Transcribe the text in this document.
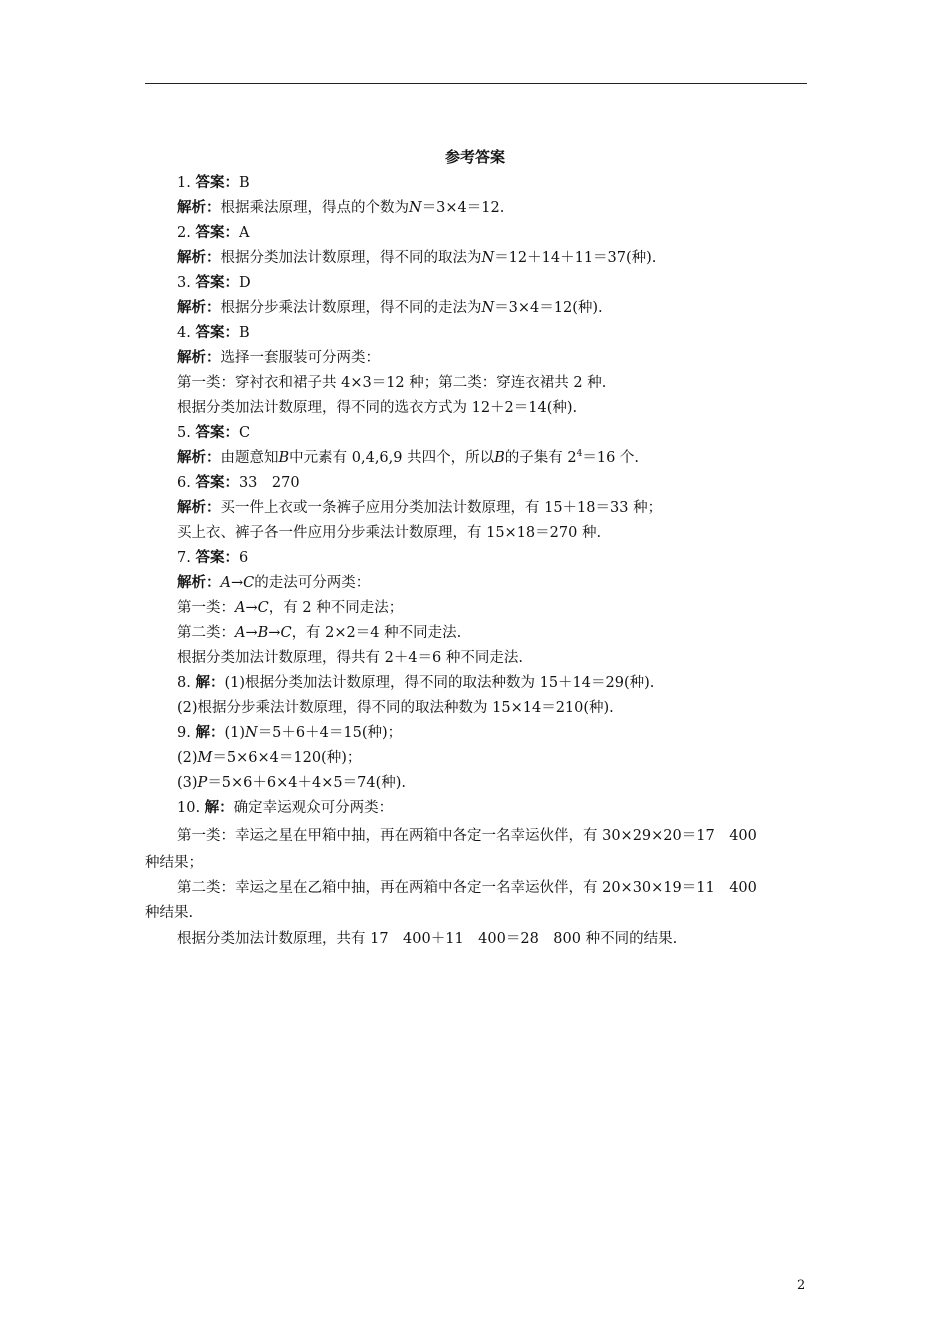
参考答案
1. 答案：B
解析：根据乘法原理，得点的个数为N＝3×4＝12.
2. 答案：A
解析：根据分类加法计数原理，得不同的取法为N＝12＋14＋11＝37(种).
3. 答案：D
解析：根据分步乘法计数原理，得不同的走法为N＝3×4＝12(种).
4. 答案：B
解析：选择一套服装可分两类：
第一类：穿衬衣和裙子共 4×3＝12 种；第二类：穿连衣裙共 2 种.
根据分类加法计数原理，得不同的选衣方式为 12＋2＝14(种).
5. 答案：C
解析：由题意知B中元素有 0,4,6,9 共四个，所以B的子集有 $2^4=16$ 个.
6. 答案：33　270
解析：买一件上衣或一条裤子应用分类加法计数原理，有 15＋18＝33 种；
买上衣、裤子各一件应用分步乘法计数原理，有 15×18＝270 种.
7. 答案：6
解析：A→C的走法可分两类：
第一类：A→C，有 2 种不同走法；
第二类：A→B→C，有 2×2＝4 种不同走法.
根据分类加法计数原理，得共有 2＋4＝6 种不同走法.
8. 解：(1)根据分类加法计数原理，得不同的取法种数为 15＋14＝29(种).
(2)根据分步乘法计数原理，得不同的取法种数为 15×14＝210(种).
9. 解：(1)N＝5＋6＋4＝15(种)；
(2)M＝5×6×4＝120(种)；
(3)P＝5×6＋6×4＋4×5＝74(种).
10. 解：确定幸运观众可分两类：
第一类：幸运之星在甲箱中抽，再在两箱中各定一名幸运伙伴，有 30×29×20＝17　400
种结果；
第二类：幸运之星在乙箱中抽，再在两箱中各定一名幸运伙伴，有 20×30×19＝11　400
种结果.
根据分类加法计数原理，共有 17　400＋11　400＝28　800 种不同的结果.
2
